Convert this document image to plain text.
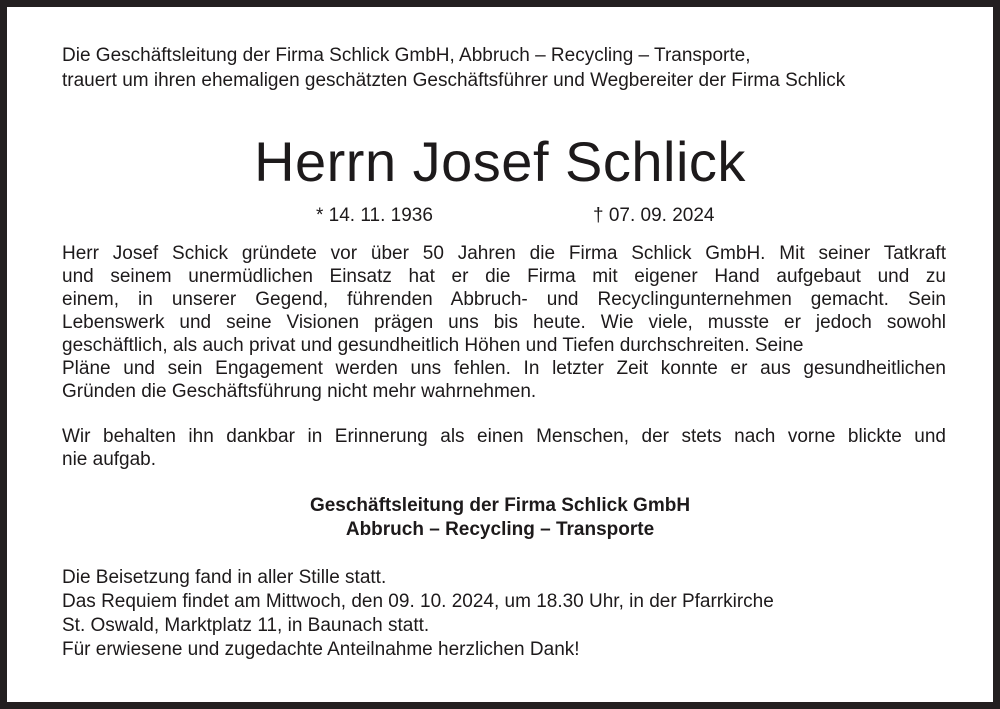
Die Geschäftsleitung der Firma Schlick GmbH, Abbruch – Recycling – Transporte,
trauert um ihren ehemaligen geschätzten Geschäftsführer und Wegbereiter der Firma Schlick
Herrn Josef Schlick
* 14. 11. 1936	† 07. 09. 2024
Herr Josef Schick gründete vor über 50 Jahren die Firma Schlick GmbH. Mit seiner Tatkraft
und seinem unermüdlichen Einsatz hat er die Firma mit eigener Hand aufgebaut und zu
einem, in unserer Gegend, führenden Abbruch- und Recyclingunternehmen gemacht. Sein
Lebenswerk und seine Visionen prägen uns bis heute. Wie viele, musste er jedoch sowohl
geschäftlich, als auch privat und gesundheitlich Höhen und Tiefen durchschreiten. Seine
Pläne und sein Engagement werden uns fehlen. In letzter Zeit konnte er aus gesundheitlichen
Gründen die Geschäftsführung nicht mehr wahrnehmen.
Wir behalten ihn dankbar in Erinnerung als einen Menschen, der stets nach vorne blickte und
nie aufgab.
Geschäftsleitung der Firma Schlick GmbH
Abbruch – Recycling – Transporte
Die Beisetzung fand in aller Stille statt.
Das Requiem findet am Mittwoch, den 09. 10. 2024, um 18.30 Uhr, in der Pfarrkirche
St. Oswald, Marktplatz 11, in Baunach statt.
Für erwiesene und zugedachte Anteilnahme herzlichen Dank!
